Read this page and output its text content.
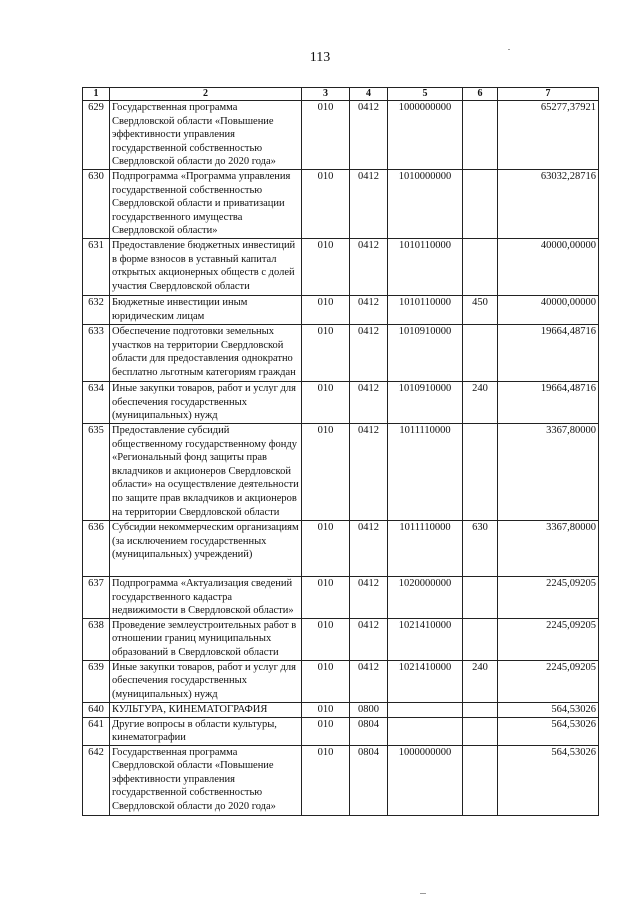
113
1	2	3	4	5	6	7
629	Государственная программа Свердловской области «Повышение эффективности управления государственной собственностью Свердловской области до 2020 года»	010	0412	1000000000		65277,37921
630	Подпрограмма «Программа управления государственной собственностью Свердловской области и приватизации государственного имущества Свердловской области»	010	0412	1010000000		63032,28716
631	Предоставление бюджетных инвестиций в форме взносов в уставный капитал открытых акционерных обществ с долей участия Свердловской области	010	0412	1010110000		40000,00000
632	Бюджетные инвестиции иным юридическим лицам	010	0412	1010110000	450	40000,00000
633	Обеспечение подготовки земельных участков на территории Свердловской области для предоставления однократно бесплатно льготным категориям граждан	010	0412	1010910000		19664,48716
634	Иные закупки товаров, работ и услуг для обеспечения государственных (муниципальных) нужд	010	0412	1010910000	240	19664,48716
635	Предоставление субсидий общественному государственному фонду «Региональный фонд защиты прав вкладчиков и акционеров Свердловской области» на осуществление деятельности по защите прав вкладчиков и акционеров на территории Свердловской области	010	0412	1011110000		3367,80000
636	Субсидии некоммерческим организациям (за исключением государственных (муниципальных) учреждений)	010	0412	1011110000	630	3367,80000
637	Подпрограмма «Актуализация сведений государственного кадастра недвижимости в Свердловской области»	010	0412	1020000000		2245,09205
638	Проведение землеустроительных работ в отношении границ муниципальных образований в Свердловской области	010	0412	1021410000		2245,09205
639	Иные закупки товаров, работ и услуг для обеспечения государственных (муниципальных) нужд	010	0412	1021410000	240	2245,09205
640	КУЛЬТУРА, КИНЕМАТОГРАФИЯ	010	0800			564,53026
641	Другие вопросы в области культуры, кинематографии	010	0804			564,53026
642	Государственная программа Свердловской области «Повышение эффективности управления государственной собственностью Свердловской области до 2020 года»	010	0804	1000000000		564,53026
